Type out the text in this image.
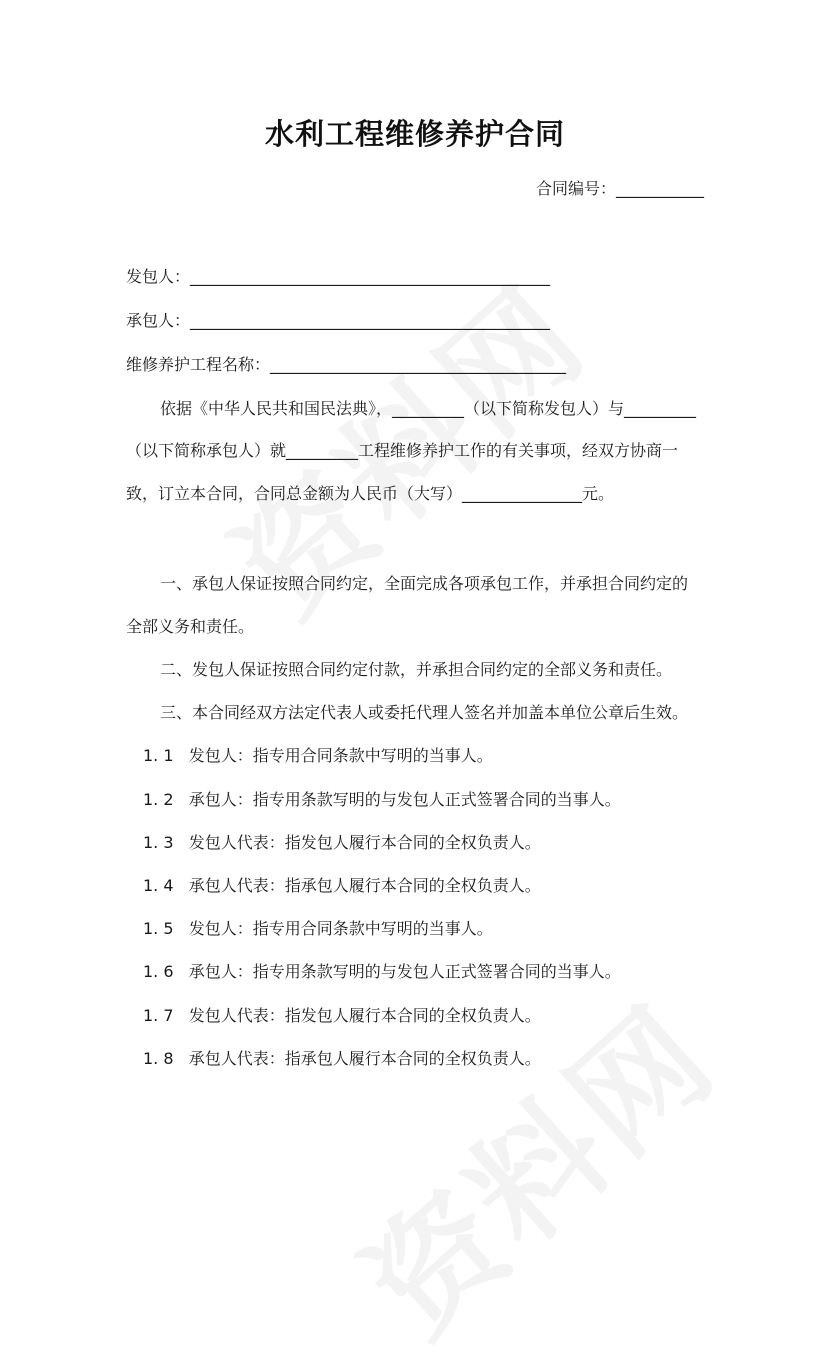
水利工程维修养护合同
合同编号：___________
发包人：_____________________________________________
承包人：_____________________________________________
维修养护工程名称：_____________________________________
依据《中华人民共和国民法典》，_________（以下简称发包人）与_________
（以下简称承包人）就_________工程维修养护工作的有关事项，经双方协商一
致，订立本合同，合同总金额为人民币（大写）_______________元。
一、承包人保证按照合同约定，全面完成各项承包工作，并承担合同约定的
全部义务和责任。
二、发包人保证按照合同约定付款，并承担合同约定的全部义务和责任。
三、本合同经双方法定代表人或委托代理人签名并加盖本单位公章后生效。
1. 1 发包人：指专用合同条款中写明的当事人。
1. 2 承包人：指专用条款写明的与发包人正式签署合同的当事人。
1. 3 发包人代表：指发包人履行本合同的全权负责人。
1. 4 承包人代表：指承包人履行本合同的全权负责人。
1. 5 发包人：指专用合同条款中写明的当事人。
1. 6 承包人：指专用条款写明的与发包人正式签署合同的当事人。
1. 7 发包人代表：指发包人履行本合同的全权负责人。
1. 8 承包人代表：指承包人履行本合同的全权负责人。
